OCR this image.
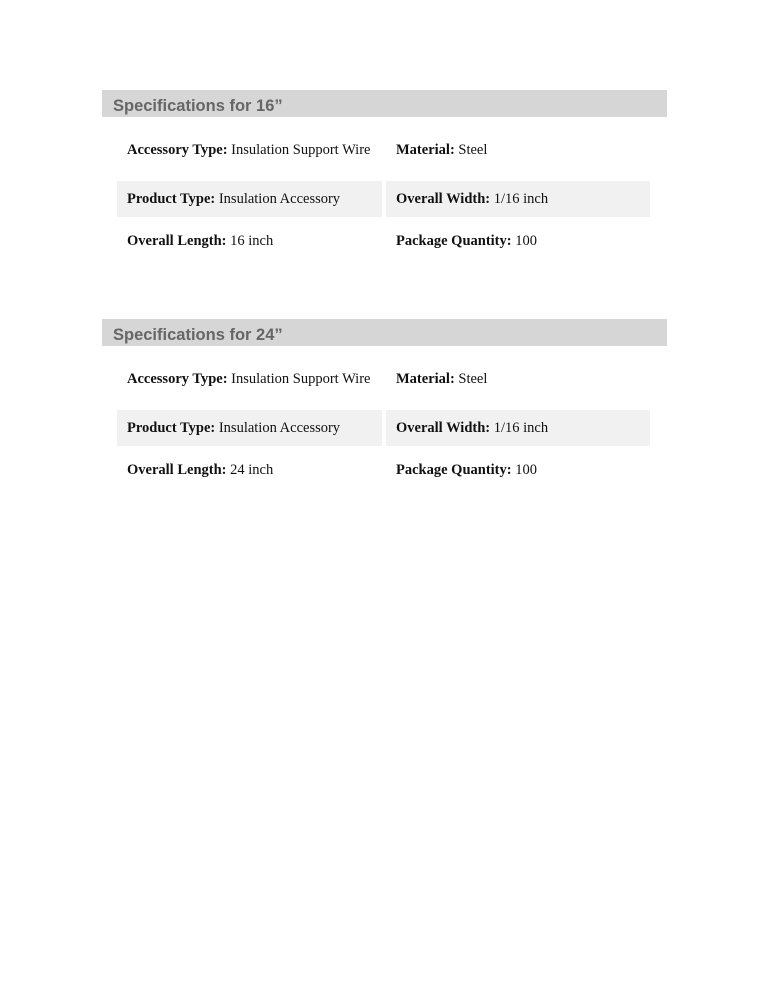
Specifications for 16”
Accessory Type: Insulation Support Wire Material: Steel
Product Type: Insulation Accessory	Overall Width: 1/16 inch
Overall Length: 16 inch	Package Quantity: 100
Specifications for 24”
Accessory Type: Insulation Support Wire Material: Steel
Product Type: Insulation Accessory	Overall Width: 1/16 inch
Overall Length: 24 inch	Package Quantity: 100
